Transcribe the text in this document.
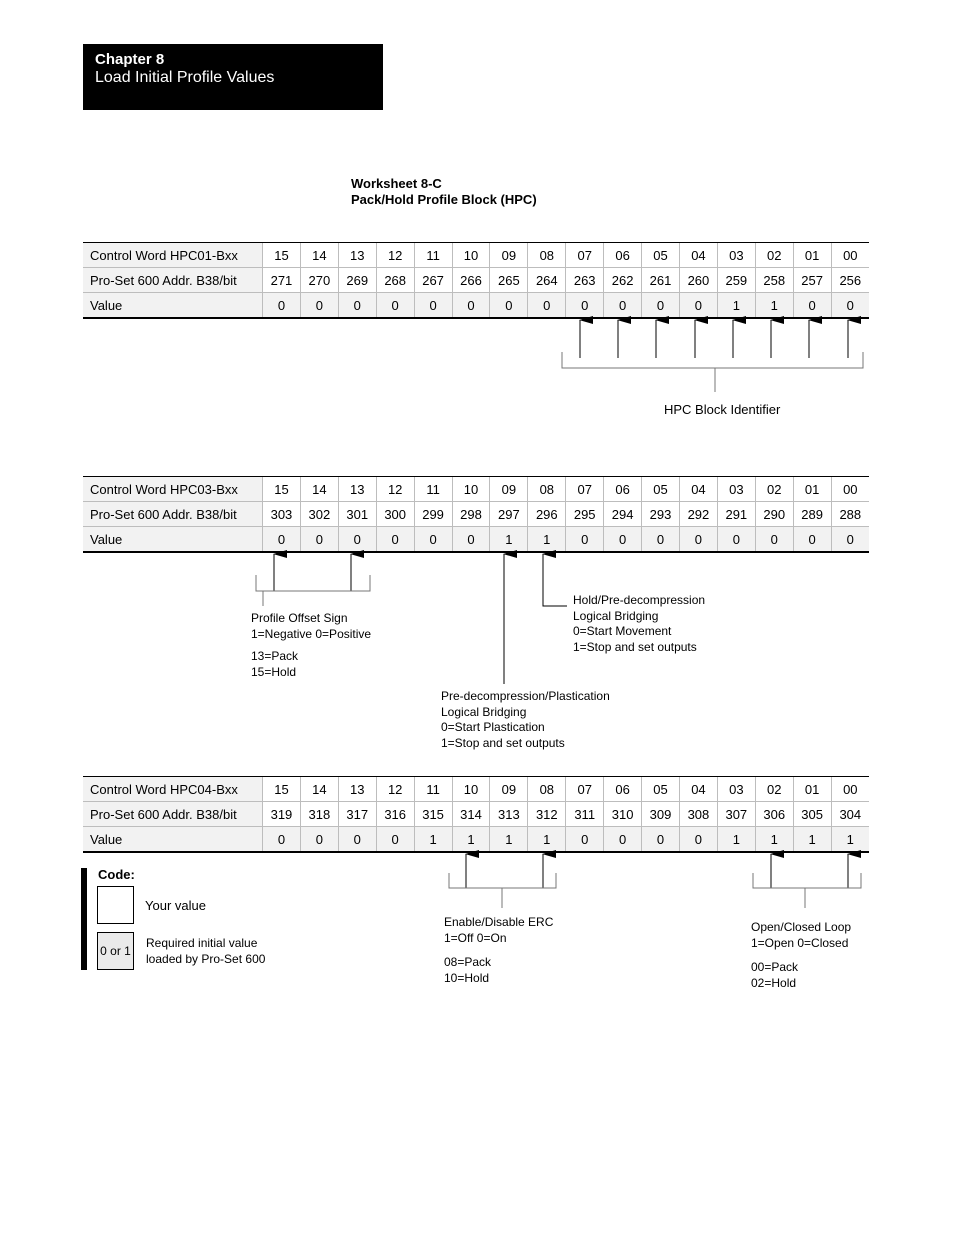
Chapter 8
Load Initial Profile Values
Worksheet 8-C
Pack/Hold Profile Block (HPC)
Control Word HPC01-Bxx	15	14	13	12	11	10	09	08	07	06	05	04	03	02	01	00
Pro-Set 600 Addr. B38/bit	271	270	269	268	267	266	265	264	263	262	261	260	259	258	257	256
Value	0	0	0	0	0	0	0	0	0	0	0	0	1	1	0	0
Control Word HPC03-Bxx	15	14	13	12	11	10	09	08	07	06	05	04	03	02	01	00
Pro-Set 600 Addr. B38/bit	303	302	301	300	299	298	297	296	295	294	293	292	291	290	289	288
Value	0	0	0	0	0	0	1	1	0	0	0	0	0	0	0	0
Control Word HPC04-Bxx	15	14	13	12	11	10	09	08	07	06	05	04	03	02	01	00
Pro-Set 600 Addr. B38/bit	319	318	317	316	315	314	313	312	311	310	309	308	307	306	305	304
Value	0	0	0	0	1	1	1	1	0	0	0	0	1	1	1	1
HPC Block Identifier
Profile Offset Sign
1=Negative 0=Positive
13=Pack
15=Hold
Hold/Pre-decompression
Logical Bridging
0=Start Movement
1=Stop and set outputs
Pre-decompression/Plastication
Logical Bridging
0=Start Plastication
1=Stop and set outputs
Enable/Disable ERC
1=Off 0=On
08=Pack
10=Hold
Open/Closed Loop
1=Open 0=Closed
00=Pack
02=Hold
Code:
Your value
0 or 1
Required initial value
loaded by Pro-Set 600
